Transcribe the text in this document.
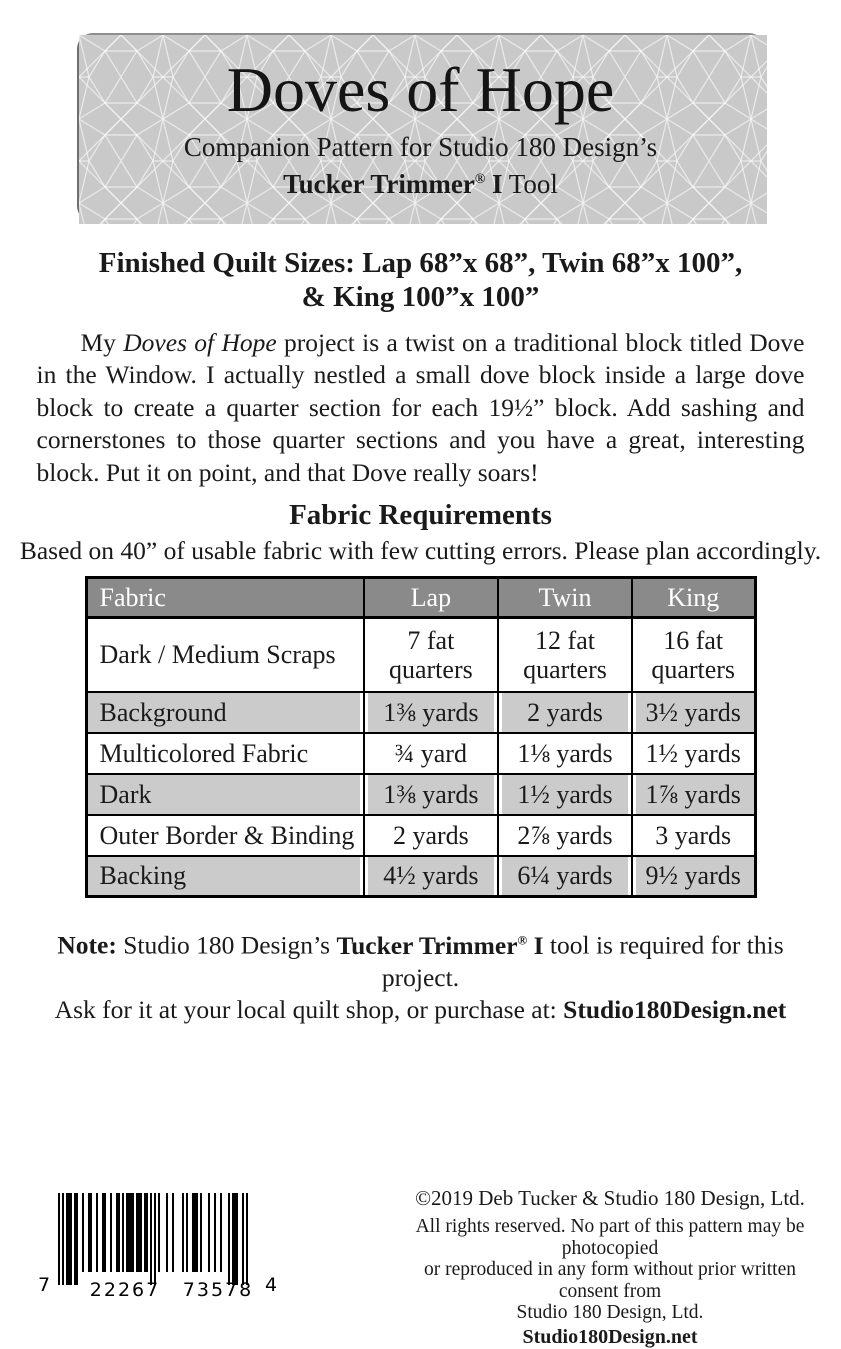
Doves of Hope
Companion Pattern for Studio 180 Design’s
Tucker Trimmer® I Tool
Finished Quilt Sizes: Lap 68”x 68”, Twin 68”x 100”,
& King 100”x 100”

My Doves of Hope project is a twist on a traditional block titled Dove in the Window. I actually nestled a small dove block inside a large dove block to create a quarter section for each 19½” block. Add sashing and cornerstones to those quarter sections and you have a great, interesting block. Put it on point, and that Dove really soars!

Fabric Requirements
Based on 40” of usable fabric with few cutting errors. Please plan accordingly.
Fabric	Lap	Twin	King
Dark / Medium Scraps	7 fat quarters	12 fat quarters	16 fat quarters
Background	1⅜ yards	2 yards	3½ yards
Multicolored Fabric	¾ yard	1⅛ yards	1½ yards
Dark	1⅜ yards	1½ yards	1⅞ yards
Outer Border & Binding	2 yards	2⅞ yards	3 yards
Backing	4½ yards	6¼ yards	9½ yards
Note: Studio 180 Design’s Tucker Trimmer® I tool is required for this project.
Ask for it at your local quilt shop, or purchase at: Studio180Design.net
7 22267 73578 4
©2019 Deb Tucker & Studio 180 Design, Ltd.
All rights reserved. No part of this pattern may be photocopied
or reproduced in any form without prior written consent from
Studio 180 Design, Ltd.
Studio180Design.net
